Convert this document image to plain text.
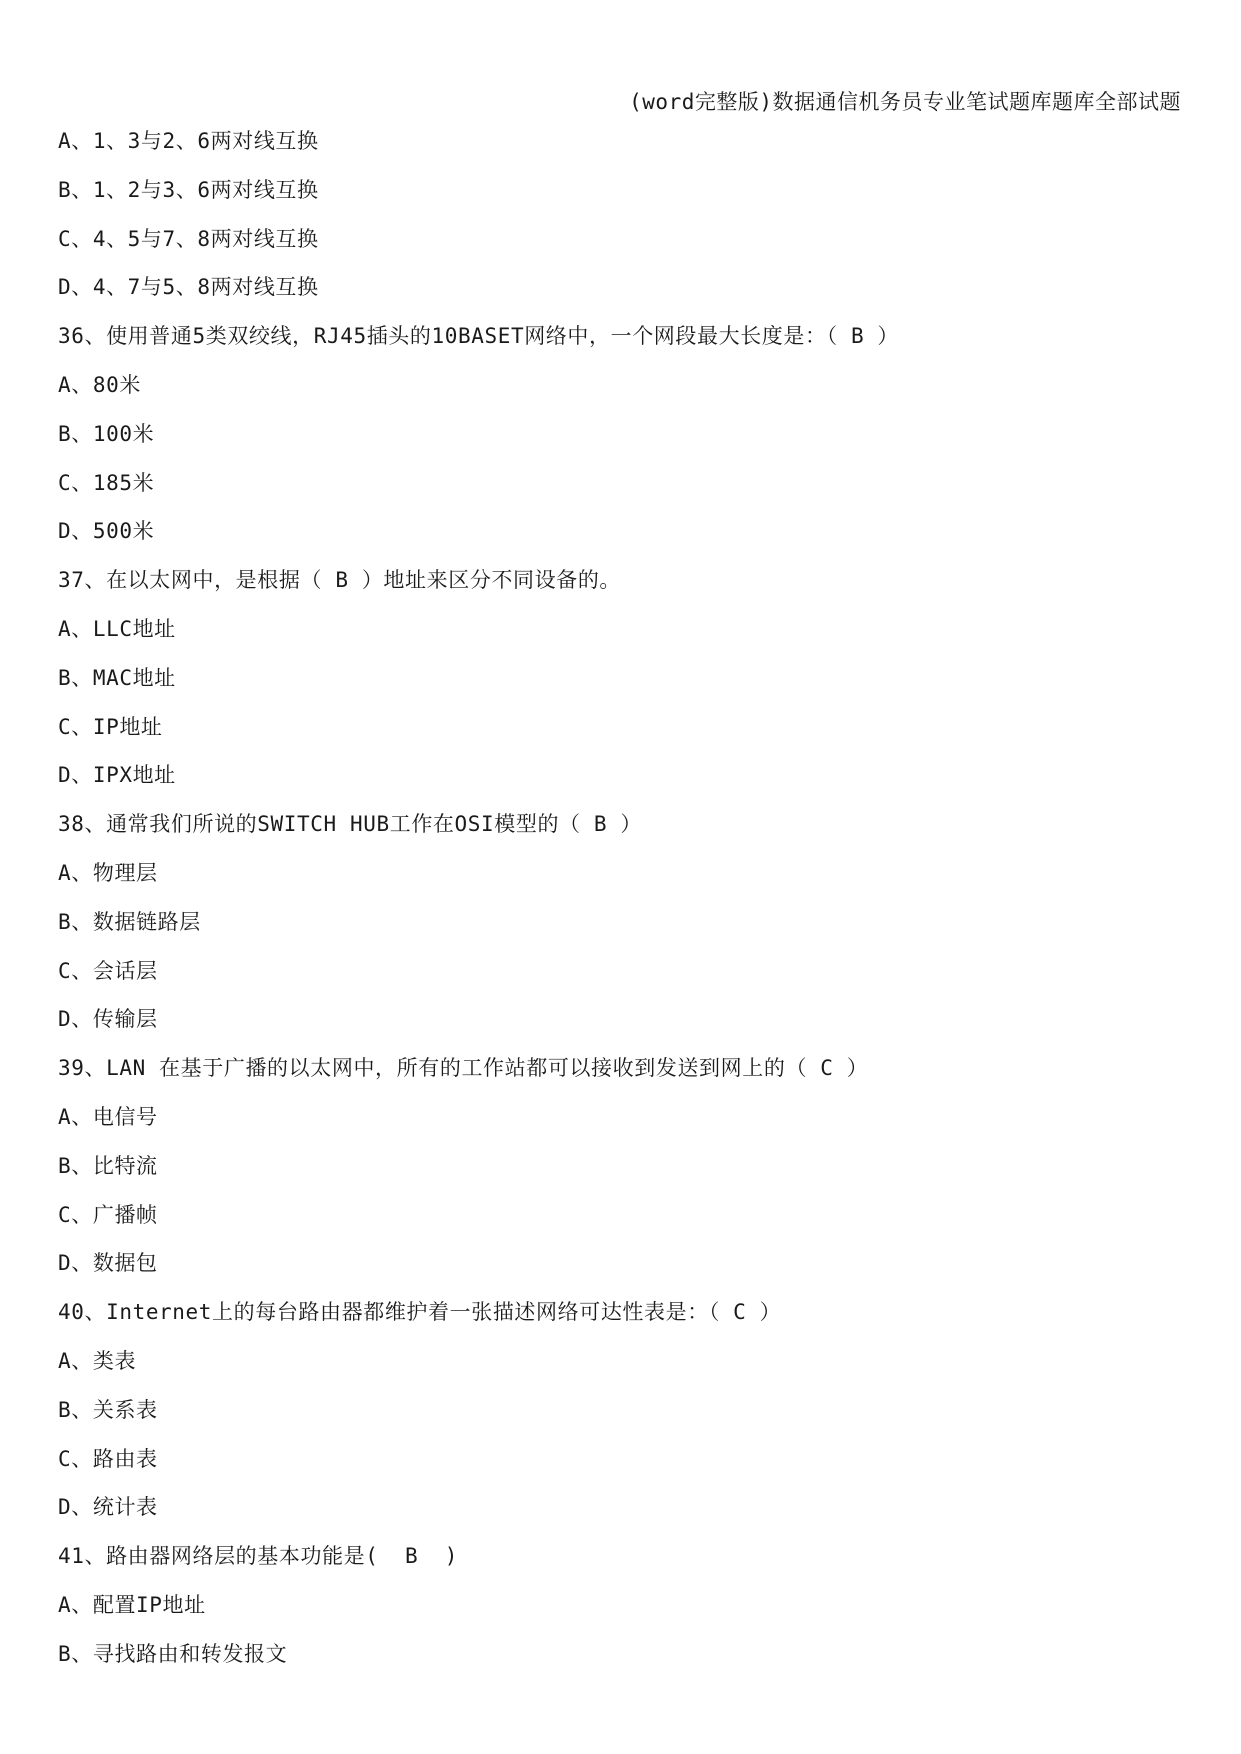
(word完整版)数据通信机务员专业笔试题库题库全部试题
A、1、3与2、6两对线互换
B、1、2与3、6两对线互换
C、4、5与7、8两对线互换
D、4、7与5、8两对线互换
36、使用普通5类双绞线，RJ45插头的10BASET网络中，一个网段最大长度是：（ B ）
A、80米
B、100米
C、185米
D、500米
37、在以太网中，是根据（ B ）地址来区分不同设备的。
A、LLC地址
B、MAC地址
C、IP地址
D、IPX地址
38、通常我们所说的SWITCH HUB工作在OSI模型的（ B ）
A、物理层
B、数据链路层
C、会话层
D、传输层
39、LAN 在基于广播的以太网中，所有的工作站都可以接收到发送到网上的（ C ）
A、电信号
B、比特流
C、广播帧
D、数据包
40、Internet上的每台路由器都维护着一张描述网络可达性表是：（ C ）
A、类表
B、关系表
C、路由表
D、统计表
41、路由器网络层的基本功能是(  B  )
A、配置IP地址
B、寻找路由和转发报文
